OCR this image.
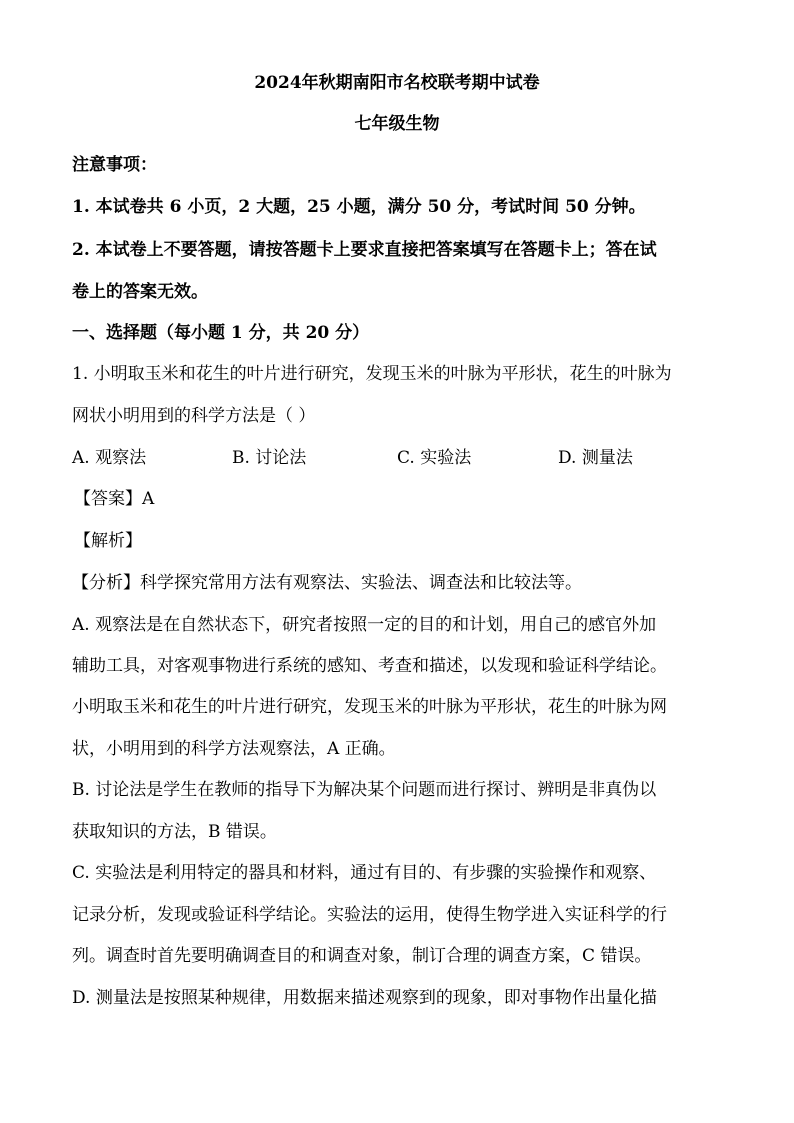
2024年秋期南阳市名校联考期中试卷
七年级生物
注意事项：
1. 本试卷共 6 小页，2 大题，25 小题，满分 50 分，考试时间 50 分钟。
2. 本试卷上不要答题，请按答题卡上要求直接把答案填写在答题卡上；答在试
卷上的答案无效。
一、选择题（每小题 1 分，共 20 分）
1. 小明取玉米和花生的叶片进行研究，发现玉米的叶脉为平形状，花生的叶脉为
网状小明用到的科学方法是（ ）
A. 观察法	B. 讨论法	C. 实验法	D. 测量法
【答案】A
【解析】
【分析】科学探究常用方法有观察法、实验法、调查法和比较法等。
A. 观察法是在自然状态下，研究者按照一定的目的和计划，用自己的感官外加
辅助工具，对客观事物进行系统的感知、考查和描述，以发现和验证科学结论。
小明取玉米和花生的叶片进行研究，发现玉米的叶脉为平形状，花生的叶脉为网
状，小明用到的科学方法观察法，A 正确。
B. 讨论法是学生在教师的指导下为解决某个问题而进行探讨、辨明是非真伪以
获取知识的方法，B 错误。
C. 实验法是利用特定的器具和材料，通过有目的、有步骤的实验操作和观察、
记录分析，发现或验证科学结论。实验法的运用，使得生物学进入实证科学的行
列。调查时首先要明确调查目的和调查对象，制订合理的调查方案，C 错误。
D. 测量法是按照某种规律，用数据来描述观察到的现象，即对事物作出量化描
